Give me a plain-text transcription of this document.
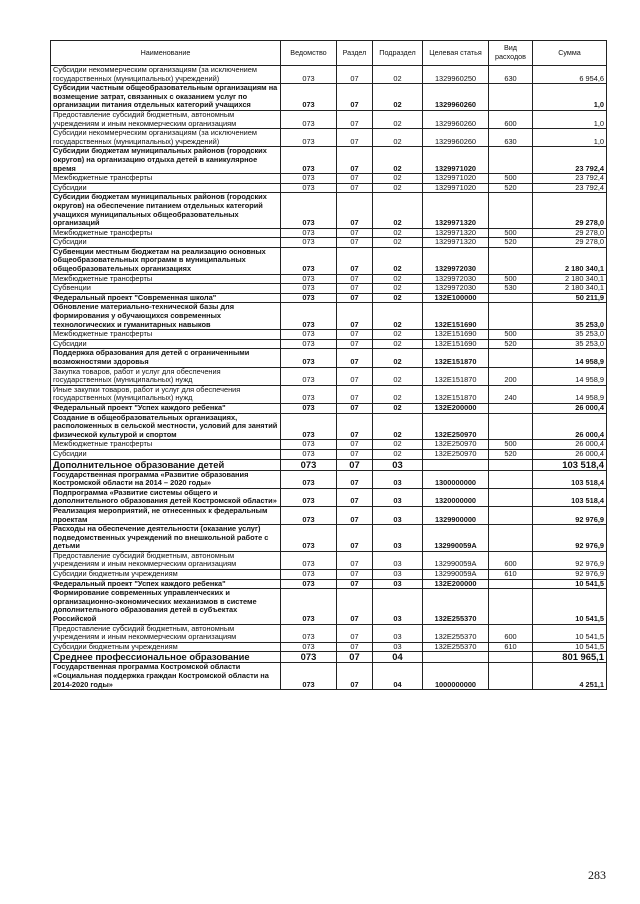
Наименование	Ведомство	Раздел	Подраздел	Целевая статья	Вид расходов	Сумма
Субсидии некоммерческим организациям (за исключением государственных (муниципальных) учреждений)	073	07	02	1329960250	630	6 954,6
Субсидии частным общеобразовательным организациям на возмещение затрат, связанных с оказанием услуг по организации питания отдельных категорий учащихся	073	07	02	1329960260		1,0
Предоставление субсидий бюджетным, автономным учреждениям и иным некоммерческим организациям	073	07	02	1329960260	600	1,0
Субсидии некоммерческим организациям (за исключением государственных (муниципальных) учреждений)	073	07	02	1329960260	630	1,0
Субсидии бюджетам муниципальных районов (городских округов) на организацию отдыха детей в каникулярное время	073	07	02	1329971020		23 792,4
Межбюджетные трансферты	073	07	02	1329971020	500	23 792,4
Субсидии	073	07	02	1329971020	520	23 792,4
Субсидии бюджетам муниципальных районов (городских округов) на обеспечение питанием отдельных категорий учащихся муниципальных общеобразовательных организаций	073	07	02	1329971320		29 278,0
Межбюджетные трансферты	073	07	02	1329971320	500	29 278,0
Субсидии	073	07	02	1329971320	520	29 278,0
Субвенции местным бюджетам на реализацию основных общеобразовательных программ в муниципальных общеобразовательных организациях	073	07	02	1329972030		2 180 340,1
Межбюджетные трансферты	073	07	02	1329972030	500	2 180 340,1
Субвенции	073	07	02	1329972030	530	2 180 340,1
Федеральный проект "Современная школа"	073	07	02	132E100000		50 211,9
Обновление материально-технической базы для формирования у обучающихся современных технологических и гуманитарных навыков	073	07	02	132E151690		35 253,0
Межбюджетные трансферты	073	07	02	132E151690	500	35 253,0
Субсидии	073	07	02	132E151690	520	35 253,0
Поддержка образования для детей с ограниченными возможностями здоровья	073	07	02	132E151870		14 958,9
Закупка товаров, работ и услуг для обеспечения государственных (муниципальных) нужд	073	07	02	132E151870	200	14 958,9
Иные закупки товаров, работ и услуг для обеспечения государственных (муниципальных) нужд	073	07	02	132E151870	240	14 958,9
Федеральный проект "Успех каждого ребенка"	073	07	02	132E200000		26 000,4
Создание в общеобразовательных организациях, расположенных в сельской местности, условий для занятий физической культурой и спортом	073	07	02	132E250970		26 000,4
Межбюджетные трансферты	073	07	02	132E250970	500	26 000,4
Субсидии	073	07	02	132E250970	520	26 000,4
Дополнительное образование детей	073	07	03			103 518,4
Государственная программа «Развитие образования Костромской области на 2014 – 2020 годы»	073	07	03	1300000000		103 518,4
Подпрограмма «Развитие системы общего и дополнительного образования детей Костромской области»	073	07	03	1320000000		103 518,4
Реализация мероприятий, не отнесенных к федеральным проектам	073	07	03	1329900000		92 976,9
Расходы на обеспечение деятельности (оказание услуг) подведомственных учреждений по внешкольной работе с детьми	073	07	03	132990059А		92 976,9
Предоставление субсидий бюджетным, автономным учреждениям и иным некоммерческим организациям	073	07	03	132990059А	600	92 976,9
Субсидии бюджетным учреждениям	073	07	03	132990059А	610	92 976,9
Федеральный проект "Успех каждого ребенка"	073	07	03	132E200000		10 541,5
Формирование современных управленческих и организационно-экономических механизмов в системе дополнительного образования детей в субъектах Российской	073	07	03	132E255370		10 541,5
Предоставление субсидий бюджетным, автономным учреждениям и иным некоммерческим организациям	073	07	03	132E255370	600	10 541,5
Субсидии бюджетным учреждениям	073	07	03	132E255370	610	10 541,5
Среднее профессиональное образование	073	07	04			801 965,1
Государственная программа Костромской области «Социальная поддержка граждан Костромской области на 2014-2020 годы»	073	07	04	1000000000		4 251,1
283
